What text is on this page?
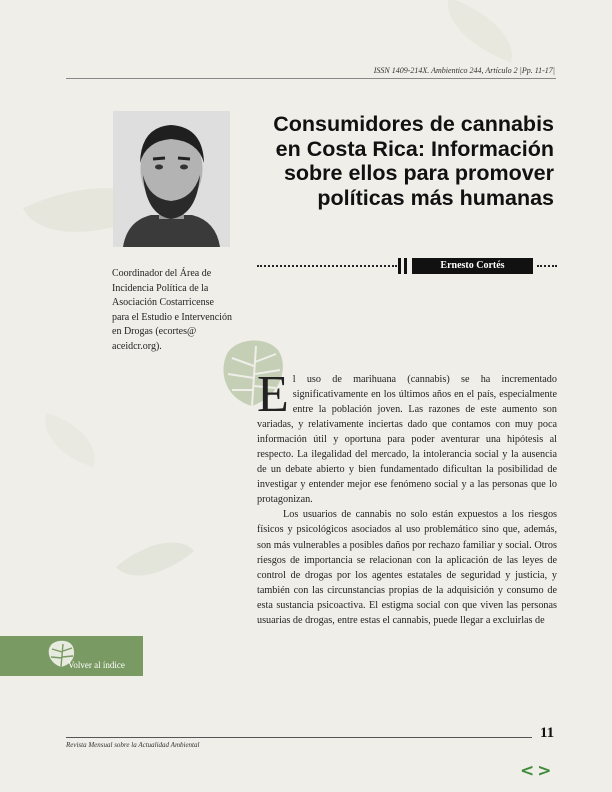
ISSN 1409-214X. Ambientico 244, Artículo 2 |Pp. 11-17|
Consumidores de cannabis en Costa Rica: Información sobre ellos para promover políticas más humanas
Ernesto Cortés
Coordinador del Área de Incidencia Política de la Asociación Costarricense para el Estudio e Intervención en Drogas (ecortes@ aceidcr.org).

El uso de marihuana (cannabis) se ha incrementado significativamente en los últimos años en el país, especialmente entre la población joven. Las razones de este aumento son variadas, y relativamente inciertas dado que contamos con muy poca información útil y oportuna para poder aventurar una hipótesis al respecto. La ilegalidad del mercado, la intolerancia social y la ausencia de un debate abierto y bien fundamentado dificultan la posibilidad de investigar y entender mejor ese fenómeno social y a las personas que lo protagonizan.

Los usuarios de cannabis no solo están expuestos a los riesgos físicos y psicológicos asociados al uso problemático sino que, además, son más vulnerables a posibles daños por rechazo familiar y social. Otros riesgos de importancia se relacionan con la aplicación de las leyes de control de drogas por los agentes estatales de seguridad y justicia, y también con las circunstancias propias de la adquisición y consumo de esta sustancia psicoactiva. El estigma social con que viven las personas usuarias de drogas, entre estas el cannabis, puede llegar a excluirlas de

Volver al índice
11
Revista Mensual sobre la Actualidad Ambiental
<>
